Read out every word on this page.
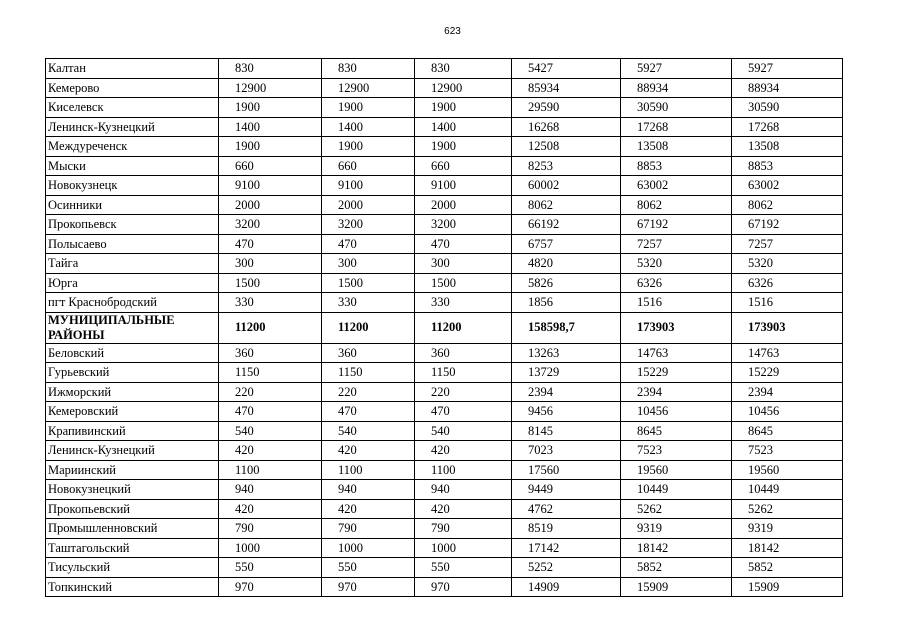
623
Калтан	830	830	830	5427	5927	5927
Кемерово	12900	12900	12900	85934	88934	88934
Киселевск	1900	1900	1900	29590	30590	30590
Ленинск-Кузнецкий	1400	1400	1400	16268	17268	17268
Междуреченск	1900	1900	1900	12508	13508	13508
Мыски	660	660	660	8253	8853	8853
Новокузнецк	9100	9100	9100	60002	63002	63002
Осинники	2000	2000	2000	8062	8062	8062
Прокопьевск	3200	3200	3200	66192	67192	67192
Полысаево	470	470	470	6757	7257	7257
Тайга	300	300	300	4820	5320	5320
Юрга	1500	1500	1500	5826	6326	6326
пгт Краснобродский	330	330	330	1856	1516	1516
МУНИЦИПАЛЬНЫЕ РАЙОНЫ	11200	11200	11200	158598,7	173903	173903
Беловский	360	360	360	13263	14763	14763
Гурьевский	1150	1150	1150	13729	15229	15229
Ижморский	220	220	220	2394	2394	2394
Кемеровский	470	470	470	9456	10456	10456
Крапивинский	540	540	540	8145	8645	8645
Ленинск-Кузнецкий	420	420	420	7023	7523	7523
Мариинский	1100	1100	1100	17560	19560	19560
Новокузнецкий	940	940	940	9449	10449	10449
Прокопьевский	420	420	420	4762	5262	5262
Промышленновский	790	790	790	8519	9319	9319
Таштагольский	1000	1000	1000	17142	18142	18142
Тисульский	550	550	550	5252	5852	5852
Топкинский	970	970	970	14909	15909	15909
